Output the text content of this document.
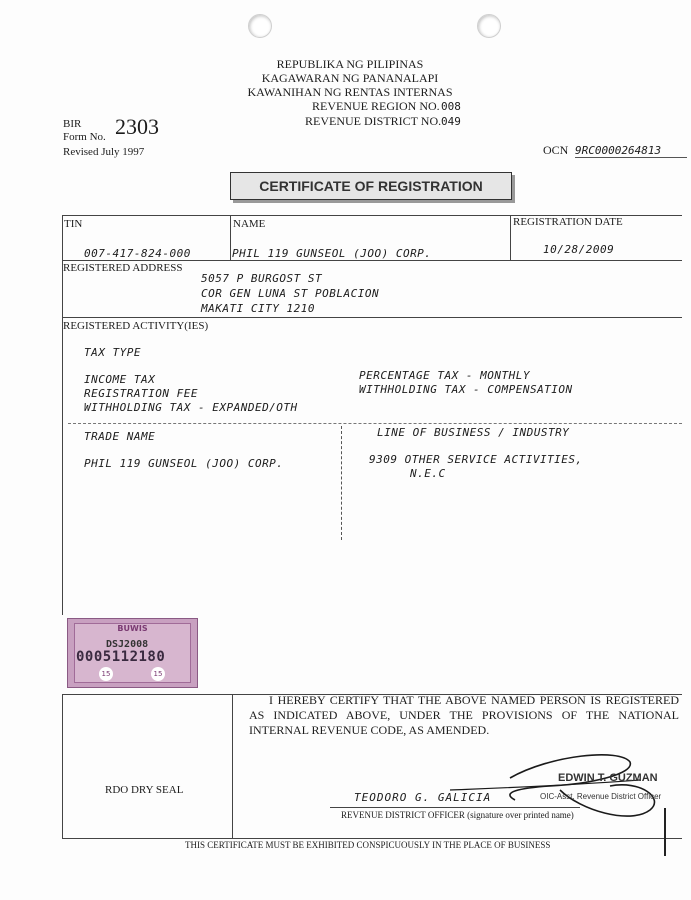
REPUBLIKA NG PILIPINAS
KAGAWARAN NG PANANALAPI
KAWANIHAN NG RENTAS INTERNAS
REVENUE REGION NO. 008
REVENUE DISTRICT NO. 049
BIR
Form No. 2303
Revised July 1997	OCN 9RC0000264813
CERTIFICATE OF REGISTRATION
TIN
007-417-824-000
NAME
PHIL 119 GUNSEOL (JOO) CORP.
REGISTRATION DATE
10/28/2009
REGISTERED ADDRESS
5057 P BURGOST ST
COR GEN LUNA ST POBLACION
MAKATI CITY 1210
REGISTERED ACTIVITY(IES)
TAX TYPE
INCOME TAX
REGISTRATION FEE
WITHHOLDING TAX - EXPANDED/OTH
PERCENTAGE TAX - MONTHLY
WITHHOLDING TAX - COMPENSATION
TRADE NAME
PHIL 119 GUNSEOL (JOO) CORP.
LINE OF BUSINESS / INDUSTRY
9309 OTHER SERVICE ACTIVITIES,
N.E.C
BUWIS
DSJ2008
0005112180
15	15
I HEREBY CERTIFY THAT THE ABOVE NAMED PERSON IS REGISTERED AS INDICATED ABOVE, UNDER THE PROVISIONS OF THE NATIONAL INTERNAL REVENUE CODE, AS AMENDED.
RDO DRY SEAL
EDWIN T. GUZMAN
OIC-Asst. Revenue District Officer
TEODORO G. GALICIA
REVENUE DISTRICT OFFICER (signature over printed name)
THIS CERTIFICATE MUST BE EXHIBITED CONSPICUOUSLY IN THE PLACE OF BUSINESS
